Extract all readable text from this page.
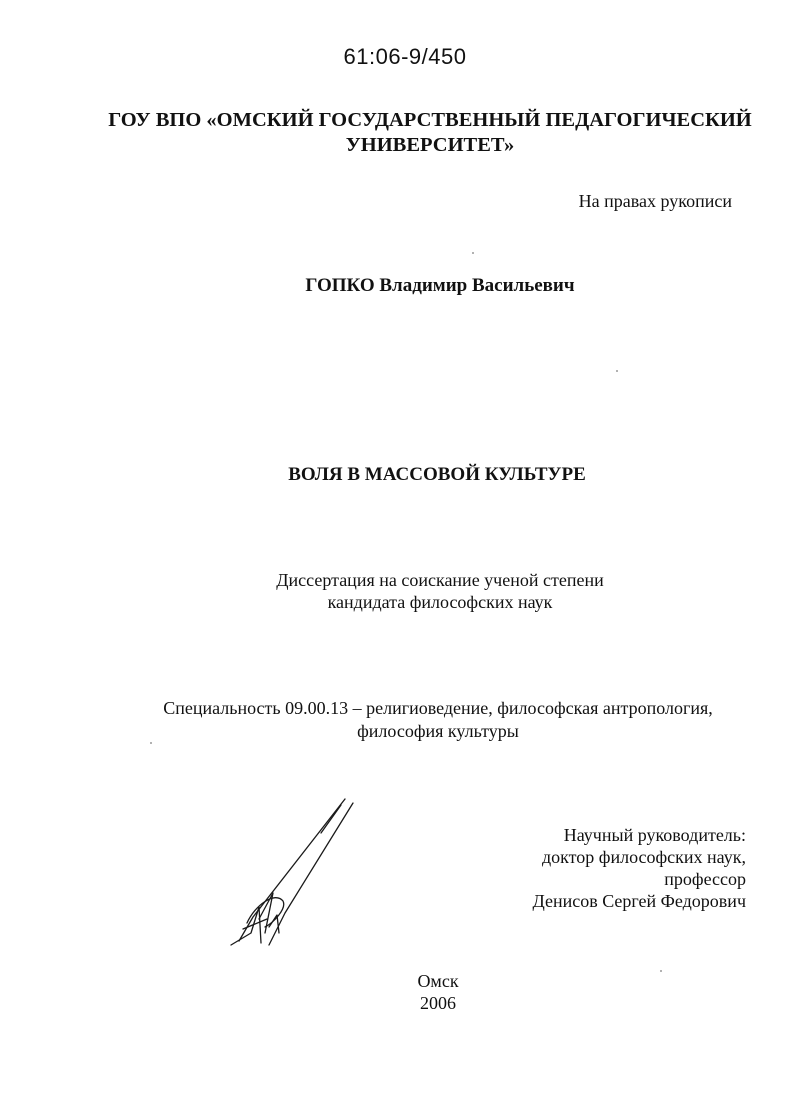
61:06-9/450
ГОУ ВПО «ОМСКИЙ ГОСУДАРСТВЕННЫЙ ПЕДАГОГИЧЕСКИЙ
УНИВЕРСИТЕТ»
На правах рукописи
ГОПКО Владимир Васильевич
ВОЛЯ В МАССОВОЙ КУЛЬТУРЕ
Диссертация на соискание ученой степени
кандидата философских наук
Специальность 09.00.13 – религиоведение, философская антропология,
философия культуры
Научный руководитель:
доктор философских наук,
профессор
Денисов Сергей Федорович
Омск
2006
